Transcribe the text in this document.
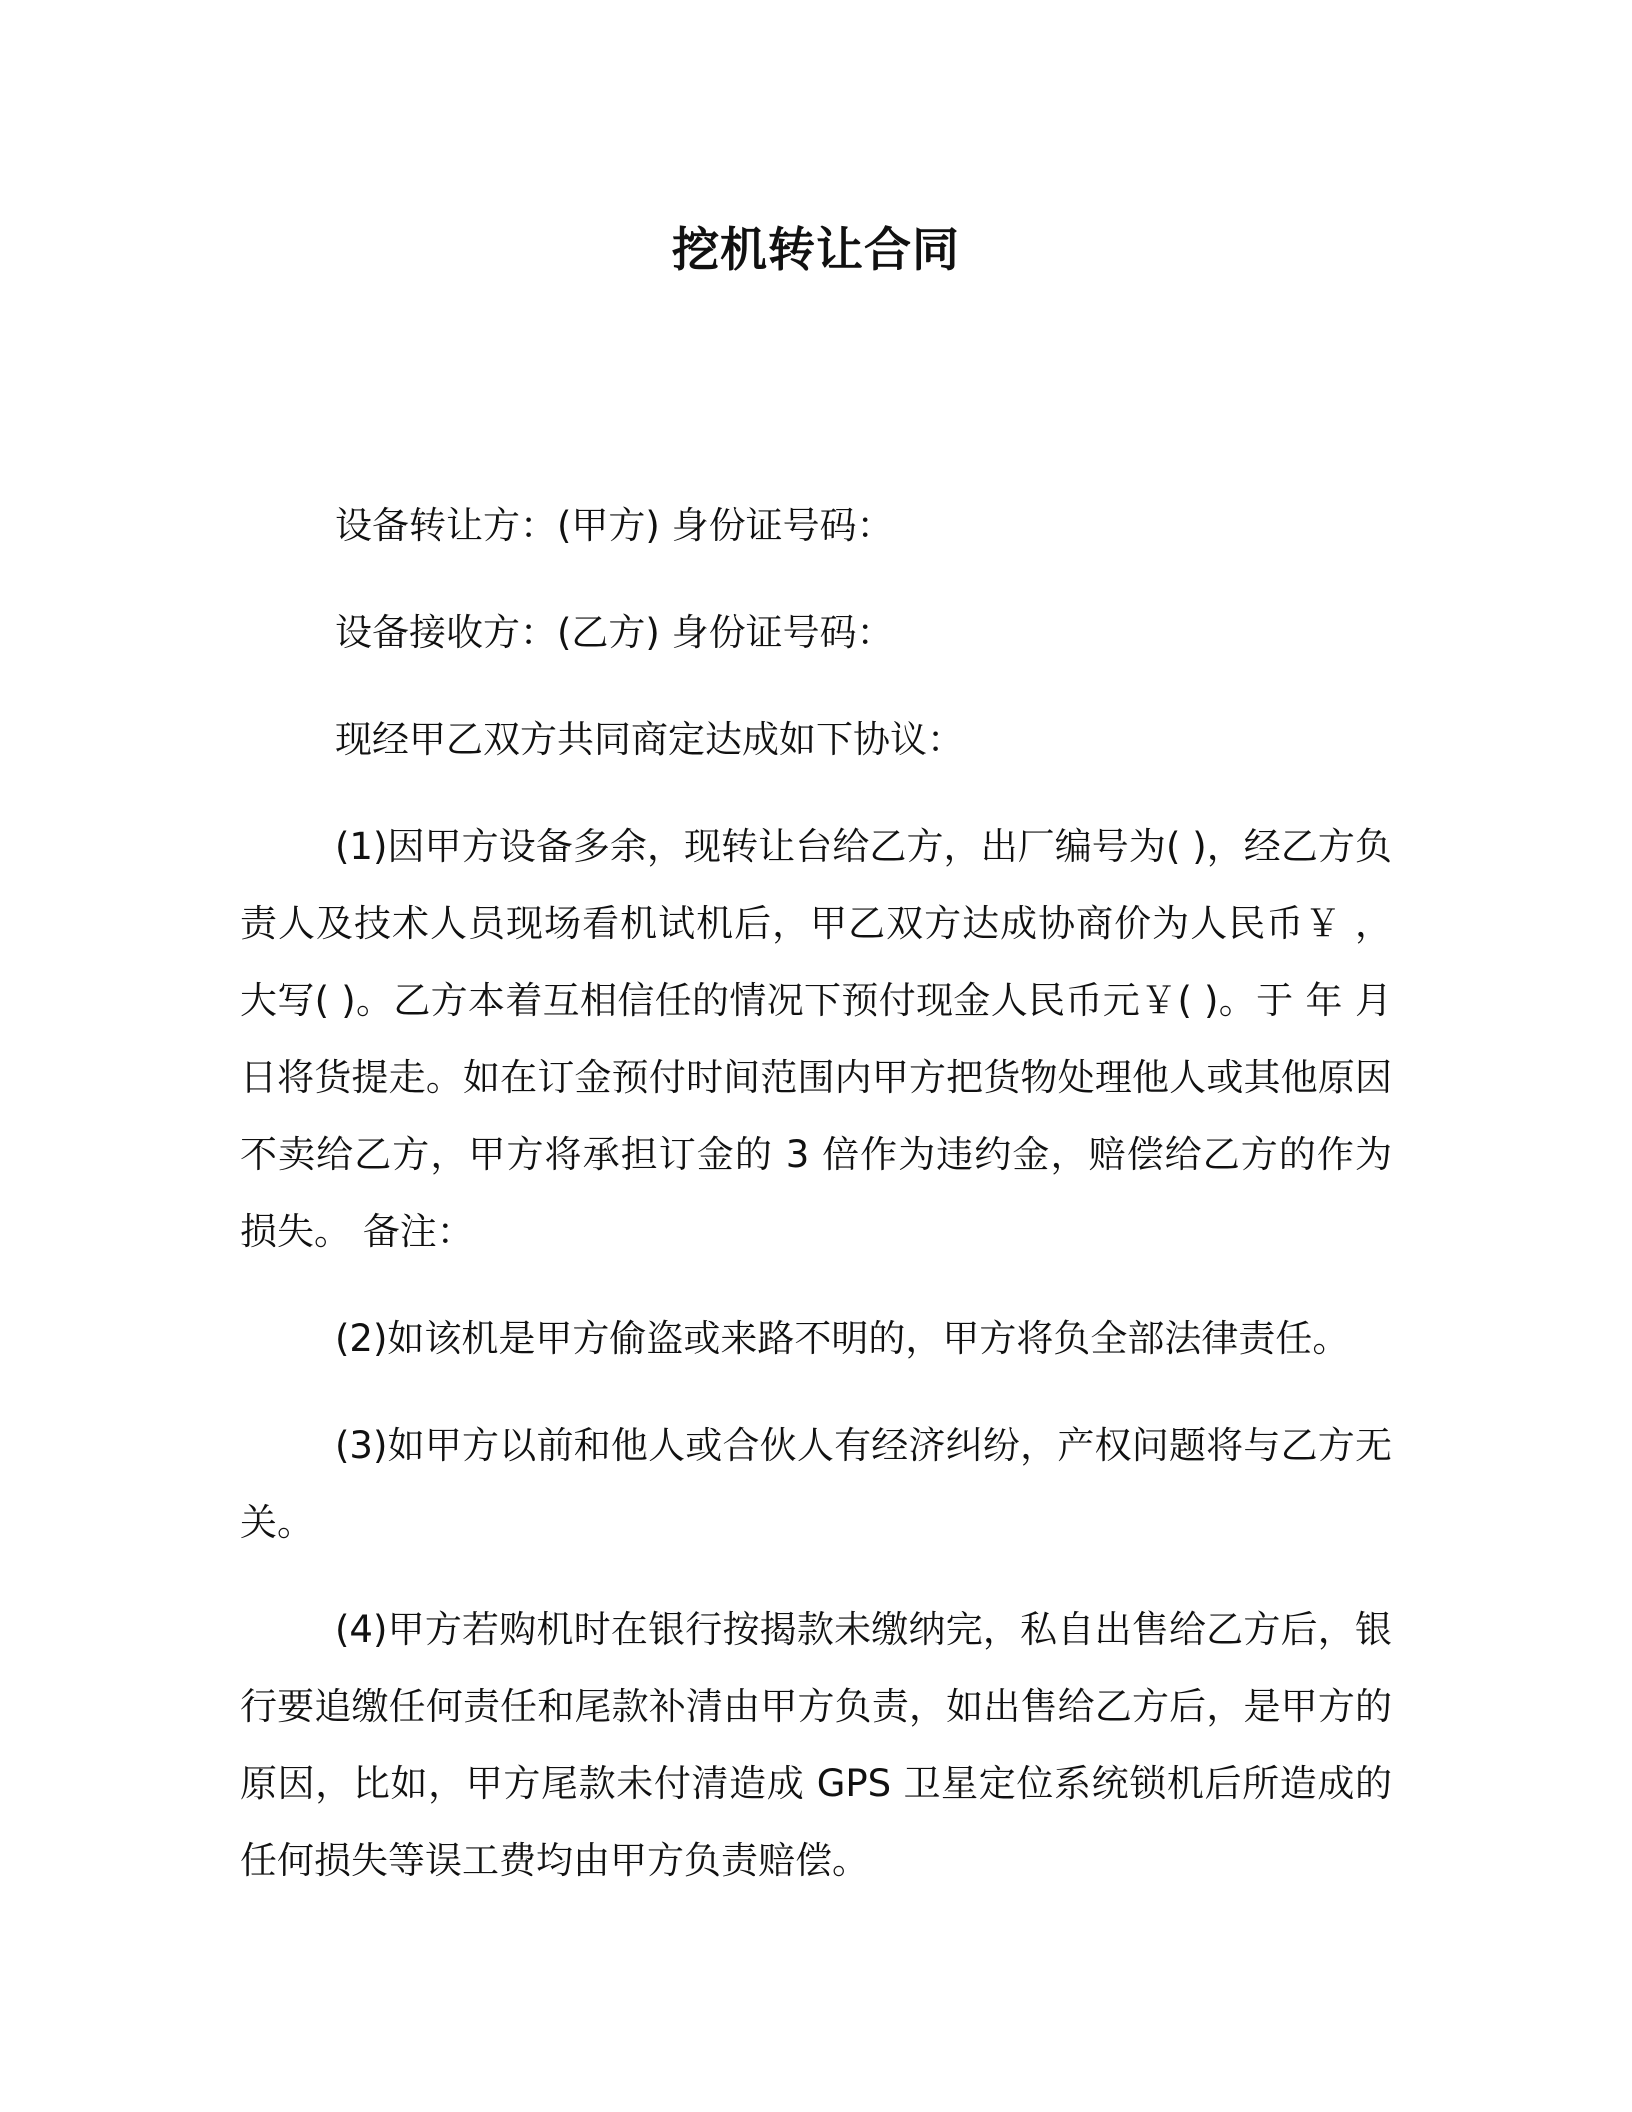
挖机转让合同

设备转让方：(甲方) 身份证号码：

设备接收方：(乙方) 身份证号码：

现经甲乙双方共同商定达成如下协议：

(1)因甲方设备多余，现转让台给乙方，出厂编号为( )，经乙方负责人及技术人员现场看机试机后，甲乙双方达成协商价为人民币￥ ，大写( )。乙方本着互相信任的情况下预付现金人民币元￥( )。于 年 月 日将货提走。如在订金预付时间范围内甲方把货物处理他人或其他原因不卖给乙方，甲方将承担订金的 3 倍作为违约金，赔偿给乙方的作为损失。 备注：

(2)如该机是甲方偷盗或来路不明的，甲方将负全部法律责任。

(3)如甲方以前和他人或合伙人有经济纠纷，产权问题将与乙方无关。

(4)甲方若购机时在银行按揭款未缴纳完，私自出售给乙方后，银行要追缴任何责任和尾款补清由甲方负责，如出售给乙方后，是甲方的原因，比如，甲方尾款未付清造成 GPS 卫星定位系统锁机后所造成的任何损失等误工费均由甲方负责赔偿。
